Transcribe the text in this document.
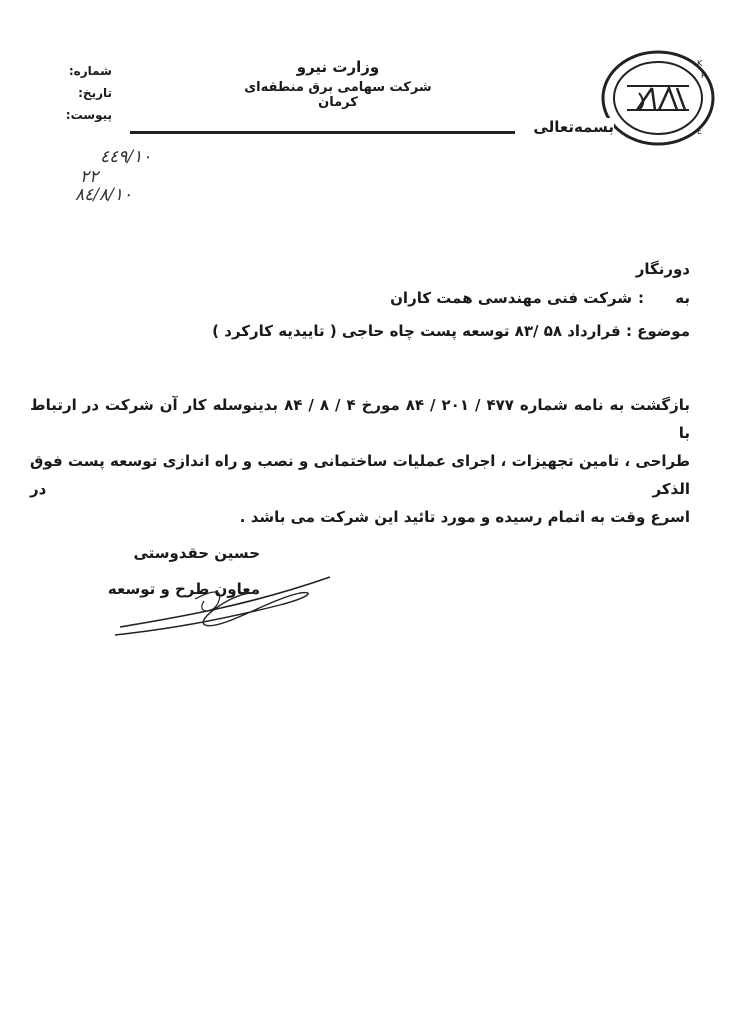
K
R
E
وزارت نیرو
شرکت سهامی برق منطقه‌ای کرمان
شماره:
تاریخ:
پیوست:
بسمه‌تعالی
٤٤٩/١٠
٢٢
٨٤/٨/١٠
دورنگار
به:شرکت فنی مهندسی همت کاران
موضوع : قرارداد ۵۸ /۸۳ توسعه پست چاه حاجی ( تاییدیه کارکرد )
بازگشت به نامه شماره ۴۷۷ / ۲۰۱ / ۸۴ مورخ ۴ / ۸ / ۸۴ بدینوسله کار آن شرکت در ارتباط با
طراحی ، تامین تجهیزات ، اجرای عملیات ساختمانی و نصب و راه اندازی توسعه پست فوق الذکر در
اسرع وقت به اتمام رسیده و مورد تائید این شرکت می باشد .
حسین حقدوستی
معاون طرح و توسعه
